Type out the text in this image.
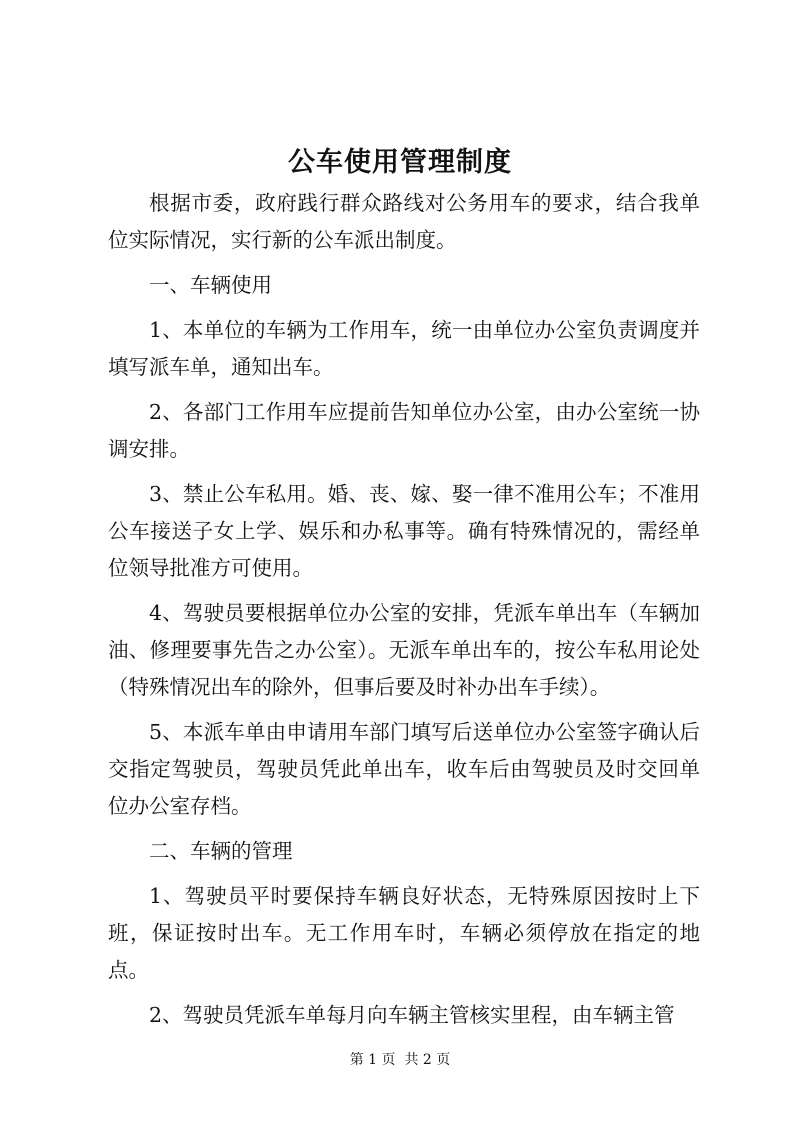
公车使用管理制度

根据市委，政府践行群众路线对公务用车的要求，结合我单位实际情况，实行新的公车派出制度。

一、车辆使用

1、本单位的车辆为工作用车，统一由单位办公室负责调度并填写派车单，通知出车。

2、各部门工作用车应提前告知单位办公室，由办公室统一协调安排。

3、禁止公车私用。婚、丧、嫁、娶一律不准用公车；不准用公车接送子女上学、娱乐和办私事等。确有特殊情况的，需经单位领导批准方可使用。

4、驾驶员要根据单位办公室的安排，凭派车单出车（车辆加油、修理要事先告之办公室）。无派车单出车的，按公车私用论处（特殊情况出车的除外，但事后要及时补办出车手续）。

5、本派车单由申请用车部门填写后送单位办公室签字确认后交指定驾驶员，驾驶员凭此单出车，收车后由驾驶员及时交回单位办公室存档。

二、车辆的管理

1、驾驶员平时要保持车辆良好状态，无特殊原因按时上下班，保证按时出车。无工作用车时，车辆必须停放在指定的地点。

2、驾驶员凭派车单每月向车辆主管核实里程，由车辆主管

第 1 页 共 2 页
